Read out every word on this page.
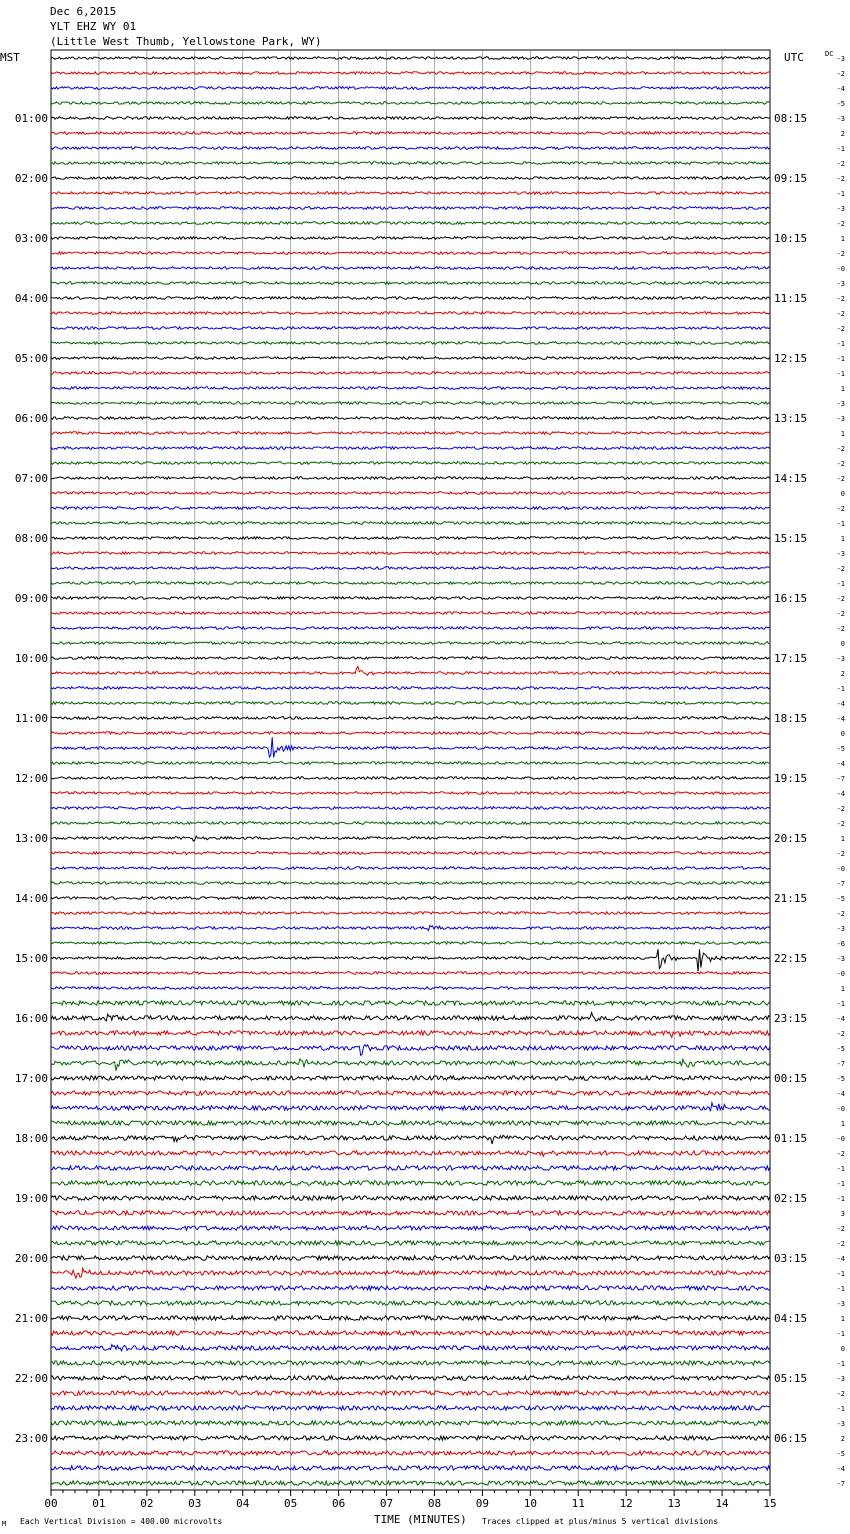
Dec 6,2015
YLT EHZ WY 01
(Little West Thumb, Yellowstone Park, WY)
00	01	02	03	04	05	06	07	08	09	10	11	12	13	14	15
-3
-2
-4
-5
-3
2
-1
-2
-2
-1
-3
-2
1
-2
-0
-3
-2
-2
-2
-1
-1
-1
1
-3
-3
1
-2
-2
-2
0
-2
-1
1
-3
-2
-1
-2
-2
-2
0
-3
2
-1
-4
-4
0
-5
-4
-7
-4
-2
-2
1
-2
-0
-7
-5
-2
-3
-6
-3
-0
1
-1
-4
-2
-5
-7
-5
-4
-0
1
-0
-2
-1
-1
-1
3
-2
-2
-4
-1
-1
-3
1
-1
0
-1
-3
-2
-1
-3
2
-5
-4
-7
01:00	08:15
02:00	09:15
03:00	10:15
04:00	11:15
05:00	12:15
06:00	13:15
07:00	14:15
08:00	15:15
09:00	16:15
10:00	17:15
11:00	18:15
12:00	19:15
13:00	20:15
14:00	21:15
15:00	22:15
16:00	23:15
17:00	00:15
18:00	01:15
19:00	02:15
20:00	03:15
21:00	04:15
22:00	05:15
23:00	06:15
MST	UTC	DC
Each Vertical Division = 400.00 microvolts	TIME (MINUTES) Traces clipped at plus/minus 5 vertical divisions
M
